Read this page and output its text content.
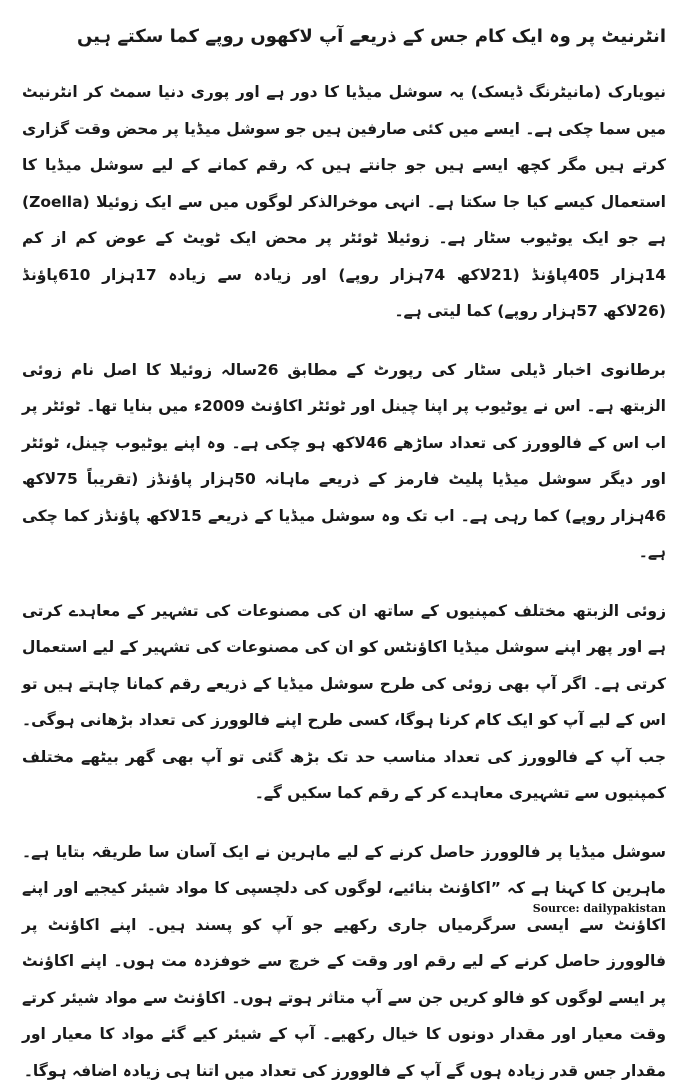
انٹرنیٹ پر وہ ایک کام جس کے ذریعے آپ لاکھوں روپے کما سکتے ہیں

نیویارک (مانیٹرنگ ڈیسک) یہ سوشل میڈیا کا دور ہے اور پوری دنیا سمٹ کر انٹرنیٹ میں سما چکی ہے۔ ایسے میں کئی صارفین ہیں جو سوشل میڈیا پر محض وقت گزاری کرتے ہیں مگر کچھ ایسے ہیں جو جانتے ہیں کہ رقم کمانے کے لیے سوشل میڈیا کا استعمال کیسے کیا جا سکتا ہے۔ انہی موخرالذکر لوگوں میں سے ایک زوئیلا (Zoella) ہے جو ایک یوٹیوب سٹار ہے۔ زوئیلا ٹوئٹر پر محض ایک ٹویٹ کے عوض کم از کم 14ہزار 405پاؤنڈ (21لاکھ 74ہزار روپے) اور زیادہ سے زیادہ 17ہزار 610پاؤنڈ (26لاکھ 57ہزار روپے) کما لیتی ہے۔

برطانوی اخبار ڈیلی سٹار کی رپورٹ کے مطابق 26سالہ زوئیلا کا اصل نام زوئی الزبتھ ہے۔ اس نے یوٹیوب پر اپنا چینل اور ٹوئٹر اکاؤنٹ 2009ء میں بنایا تھا۔ ٹوئٹر پر اب اس کے فالوورز کی تعداد ساڑھے 46لاکھ ہو چکی ہے۔ وہ اپنے یوٹیوب چینل، ٹوئٹر اور دیگر سوشل میڈیا پلیٹ فارمز کے ذریعے ماہانہ 50ہزار پاؤنڈز (تقریباً 75لاکھ 46ہزار روپے) کما رہی ہے۔ اب تک وہ سوشل میڈیا کے ذریعے 15لاکھ پاؤنڈز کما چکی ہے۔

زوئی الزبتھ مختلف کمپنیوں کے ساتھ ان کی مصنوعات کی تشہیر کے معاہدے کرتی ہے اور پھر اپنے سوشل میڈیا اکاؤنٹس کو ان کی مصنوعات کی تشہیر کے لیے استعمال کرتی ہے۔ اگر آپ بھی زوئی کی طرح سوشل میڈیا کے ذریعے رقم کمانا چاہتے ہیں تو اس کے لیے آپ کو ایک کام کرنا ہوگا، کسی طرح اپنے فالوورز کی تعداد بڑھانی ہوگی۔ جب آپ کے فالوورز کی تعداد مناسب حد تک بڑھ گئی تو آپ بھی گھر بیٹھے مختلف کمپنیوں سے تشہیری معاہدے کر کے رقم کما سکیں گے۔

سوشل میڈیا پر فالوورز حاصل کرنے کے لیے ماہرین نے ایک آسان سا طریقہ بتایا ہے۔ ماہرین کا کہنا ہے کہ ”اکاؤنٹ بنائیے، لوگوں کی دلچسپی کا مواد شیئر کیجیے اور اپنے اکاؤنٹ سے ایسی سرگرمیاں جاری رکھیے جو آپ کو پسند ہیں۔ اپنے اکاؤنٹ پر فالوورز حاصل کرنے کے لیے رقم اور وقت کے خرچ سے خوفزدہ مت ہوں۔ اپنے اکاؤنٹ پر ایسے لوگوں کو فالو کریں جن سے آپ متاثر ہوتے ہوں۔ اکاؤنٹ سے مواد شیئر کرتے وقت معیار اور مقدار دونوں کا خیال رکھیے۔ آپ کے شیئر کیے گئے مواد کا معیار اور مقدار جس قدر زیادہ ہوں گے آپ کے فالوورز کی تعداد میں اتنا ہی زیادہ اضافہ ہوگا۔

Source: dailypakistan
